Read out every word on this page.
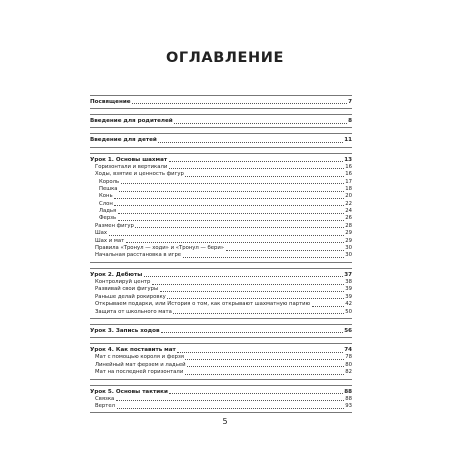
ОГЛАВЛЕНИЕ
Посвящение	7
Введение для родителей	8
Введение для детей	11
Урок 1. Основы шахмат	13
Горизонтали и вертикали	16
Ходы, взятие и ценность фигур	16
Король	17
Пешка	18
Конь	20
Слон	22
Ладья	24
Ферзь	26
Размен фигур	28
Шах	29
Шах и мат	29
Правила «Тронул — ходи» и «Тронул — бери»	30
Начальная расстановка в игре	30
Урок 2. Дебюты	37
Контролируй центр	38
Развивай свои фигуры	39
Раньше делай рокировку	39
Открываем подарки, или История о том, как открывают шахматную партию	42
Защита от школьного мата	50
Урок 3. Запись ходов	56
Урок 4. Как поставить мат	74
Мат с помощью короля и ферзя	78
Линейный мат ферзем и ладьей	80
Мат на последней горизонтали	82
Урок 5. Основы тактики	88
Связка	88
Вертел	93
5
